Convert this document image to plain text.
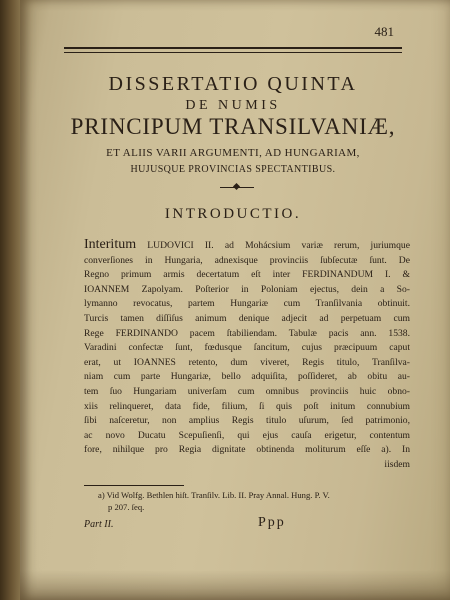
481
DISSERTATIO QUINTA
DE NUMIS
PRINCIPUM TRANSILVANIÆ,
ET ALIIS VARII ARGUMENTI, AD HUNGARIAM,
HUJUSQUE PROVINCIAS SPECTANTIBUS.
INTRODUCTIO.
Interitum LUDOVICI II. ad Mohácsium variæ rerum, juriumque
converſiones in Hungaria, adnexisque provinciis ſubſecutæ ſunt. De
Regno primum armis decertatum eſt inter FERDINANDUM I. &
IOANNEM Zapolyam. Poſterior in Poloniam ejectus, dein a So-
lymanno revocatus, partem Hungariæ cum Tranſilvania obtinuit.
Turcis tamen diſſiſus animum denique adjecit ad perpetuam cum
Rege FERDINANDO pacem ſtabiliendam. Tabulæ pacis ann. 1538.
Varadini confectæ ſunt, fœdusque ſancitum, cujus præcipuum caput
erat, ut IOANNES retento, dum viveret, Regis titulo, Tranſilva-
niam cum parte Hungariæ, bello adquiſita, poſſideret, ab obitu au-
tem ſuo Hungariam univerſam cum omnibus provinciis huic obno-
xiis relinqueret, data fide, filium, ſi quis poſt initum connubium
ſibi naſceretur, non amplius Regis titulo uſurum, ſed patrimonio,
ac novo Ducatu Scepuſienſi, qui ejus cauſa erigetur, contentum
fore, nihilque pro Regia dignitate obtinenda moliturum eſſe a). In
iisdem
a) Vid Wolfg. Bethlen hiſt. Tranſilv. Lib. II. Pray Annal. Hung. P. V.
p 207. ſeq.
Part II.	Ppp
